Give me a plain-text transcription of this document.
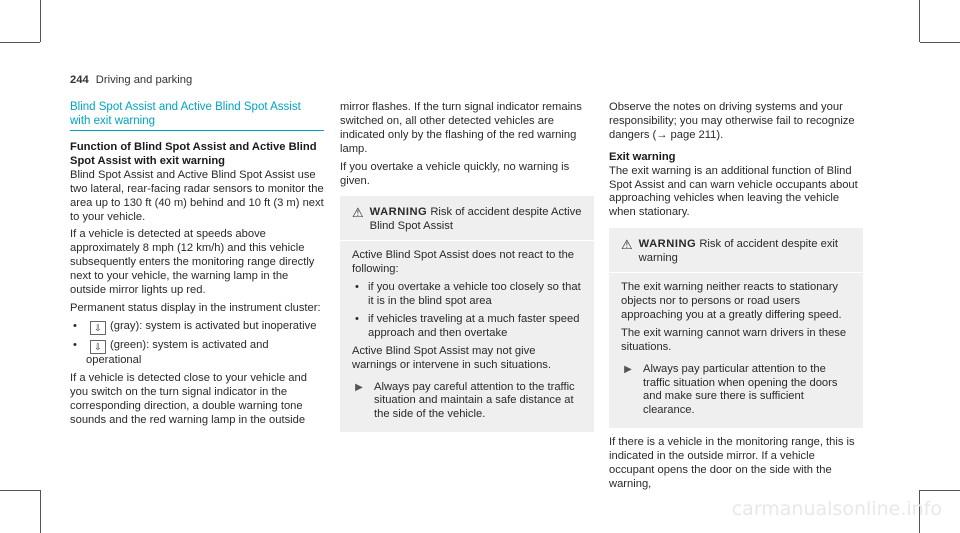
244 Driving and parking
Blind Spot Assist and Active Blind Spot Assist with exit warning

Function of Blind Spot Assist and Active Blind Spot Assist with exit warning

Blind Spot Assist and Active Blind Spot Assist use two lateral, rear-facing radar sensors to monitor the area up to 130 ft (40 m) behind and 10 ft (3 m) next to your vehicle.

If a vehicle is detected at speeds above approximately 8 mph (12 km/h) and this vehicle subsequently enters the monitoring range directly next to your vehicle, the warning lamp in the outside mirror lights up red.

Permanent status display in the instrument cluster:

• ⇩ (gray): system is activated but inoperative
• ⇩ (green): system is activated and operational

If a vehicle is detected close to your vehicle and you switch on the turn signal indicator in the corresponding direction, a double warning tone sounds and the red warning lamp in the outside

mirror flashes. If the turn signal indicator remains switched on, all other detected vehicles are indicated only by the flashing of the red warning lamp.

If you overtake a vehicle quickly, no warning is given.

⚠ WARNING Risk of accident despite Active Blind Spot Assist

Active Blind Spot Assist does not react to the following:

• if you overtake a vehicle too closely so that it is in the blind spot area
• if vehicles traveling at a much faster speed approach and then overtake

Active Blind Spot Assist may not give warnings or intervene in such situations.

▶ Always pay careful attention to the traffic situation and maintain a safe distance at the side of the vehicle.

Observe the notes on driving systems and your responsibility; you may otherwise fail to recognize dangers (→ page 211).

Exit warning

The exit warning is an additional function of Blind Spot Assist and can warn vehicle occupants about approaching vehicles when leaving the vehicle when stationary.

⚠ WARNING Risk of accident despite exit warning

The exit warning neither reacts to stationary objects nor to persons or road users approaching you at a greatly differing speed.

The exit warning cannot warn drivers in these situations.

▶ Always pay particular attention to the traffic situation when opening the doors and make sure there is sufficient clearance.

If there is a vehicle in the monitoring range, this is indicated in the outside mirror. If a vehicle occupant opens the door on the side with the warning,

carmanualsonline.info
